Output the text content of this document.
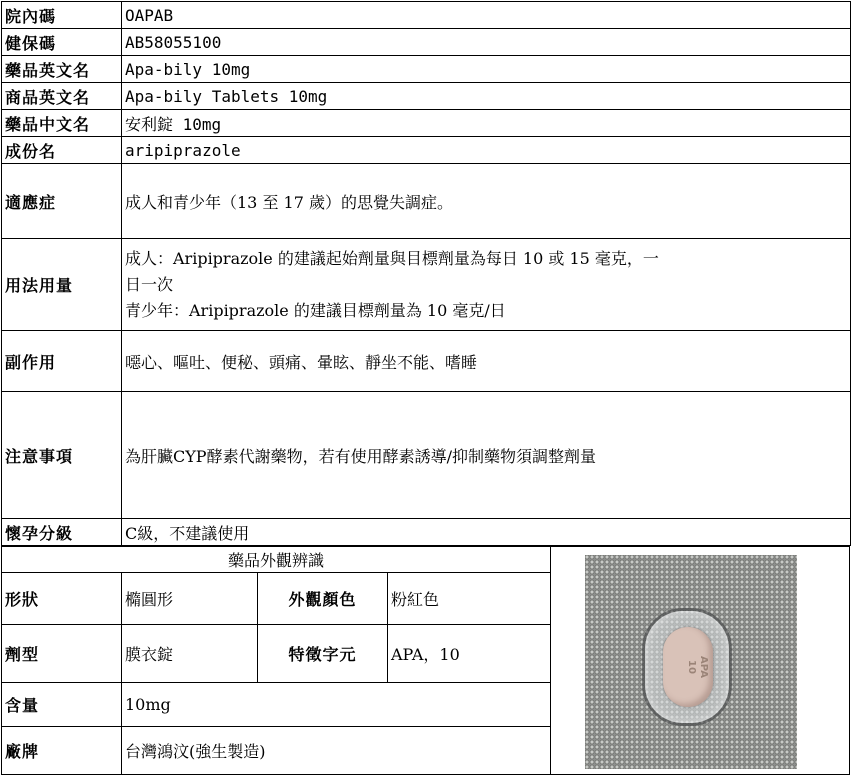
院內碼	OAPAB
健保碼	AB58055100
藥品英文名	Apa-bily 10mg
商品英文名	Apa-bily Tablets 10mg
藥品中文名	安利錠 10mg
成份名	aripiprazole
適應症	成人和青少年（13 至 17 歲）的思覺失調症。
用法用量	成人：Aripiprazole 的建議起始劑量與目標劑量為每日 10 或 15 毫克，一
日一次
青少年：Aripiprazole 的建議目標劑量為 10 毫克/日

副作用	噁心、嘔吐、便秘、頭痛、暈眩、靜坐不能、嗜睡
注意事項	為肝臟CYP酵素代謝藥物，若有使用酵素誘導/抑制藥物須調整劑量
懷孕分級	C級，不建議使用
藥品外觀辨識			
形狀	橢圓形	外觀顏色	粉紅色
劑型	膜衣錠	特徵字元	APA，10
含量	10mg		
廠牌	台灣鴻汶(強生製造)		
APA 10
